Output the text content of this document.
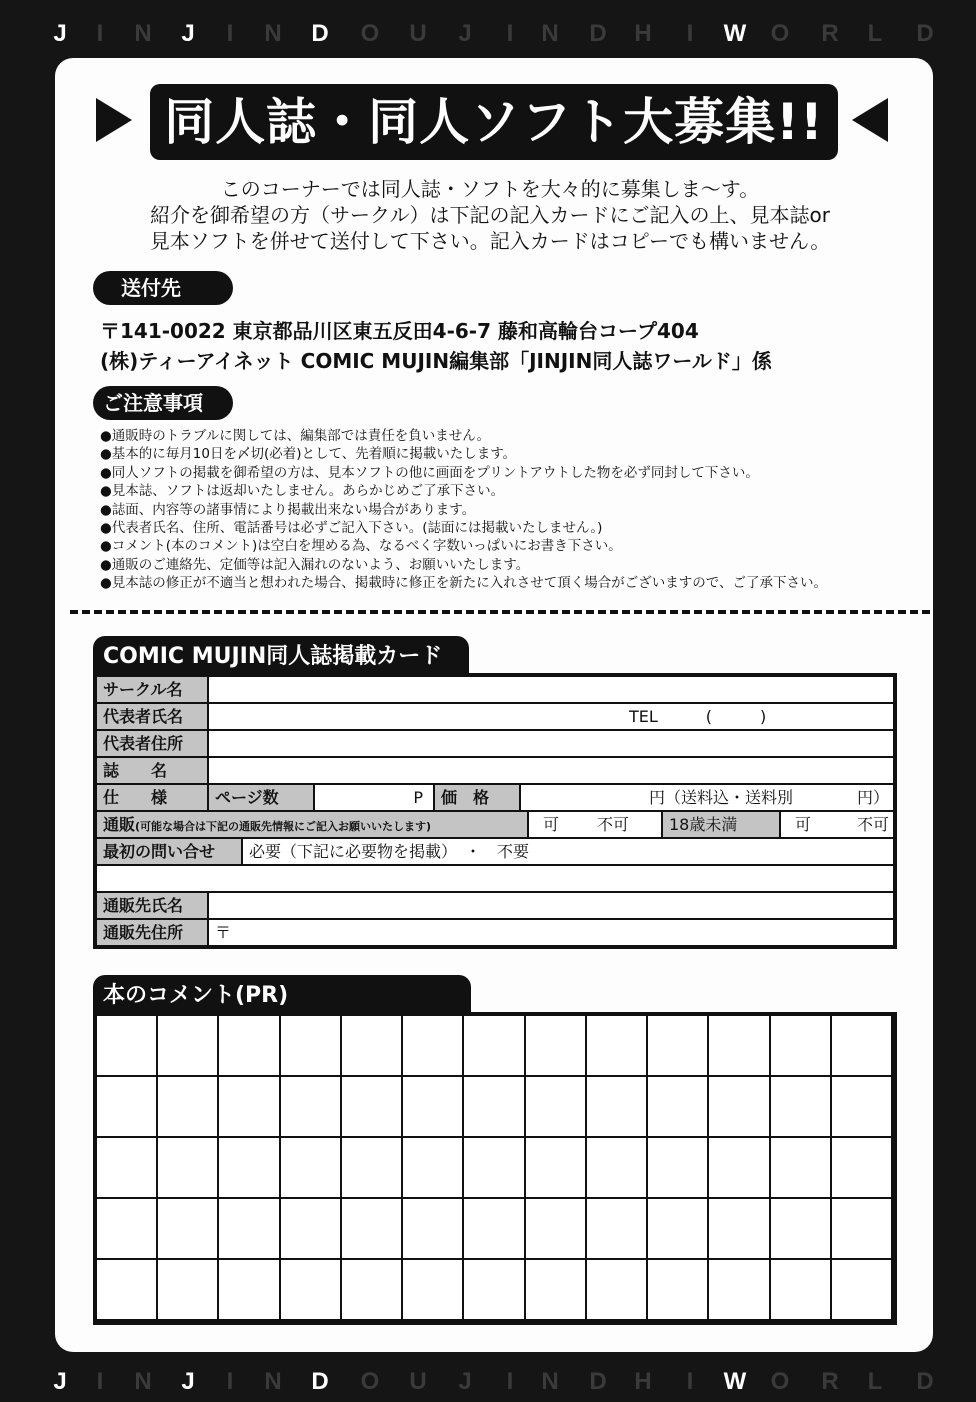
J	I	N	J	I	N D O U	J	I	N D H	I	W O R	L	D
J	I	N	J	I	N D O U	J	I	N D H	I	W O R	L	D
同人誌・同人ソフト大募集!!
このコーナーでは同人誌・ソフトを大々的に募集しま～す。
紹介を御希望の方（サークル）は下記の記入カードにご記入の上、見本誌or
見本ソフトを併せて送付して下さい。記入カードはコピーでも構いません。
送付先
〒141-0022 東京都品川区東五反田4-6-7 藤和高輪台コープ404
(株)ティーアイネット COMIC MUJIN編集部「JINJIN同人誌ワールド」係
ご注意事項
●通販時のトラブルに関しては、編集部では責任を負いません。
●基本的に毎月10日を〆切(必着)として、先着順に掲載いたします。
●同人ソフトの掲載を御希望の方は、見本ソフトの他に画面をプリントアウトした物を必ず同封して下さい。
●見本誌、ソフトは返却いたしません。あらかじめご了承下さい。
●誌面、内容等の諸事情により掲載出来ない場合があります。
●代表者氏名、住所、電話番号は必ずご記入下さい。(誌面には掲載いたしません。)
●コメント(本のコメント)は空白を埋める為、なるべく字数いっぱいにお書き下さい。
●通販のご連絡先、定価等は記入漏れのないよう、お願いいたします。
●見本誌の修正が不適当と想われた場合、掲載時に修正を新たに入れさせて頂く場合がございますので、ご了承下さい。
COMIC MUJIN同人誌掲載カード
サークル名
代表者氏名	TEL　　　(　　　)
代表者住所
誌　　名
仕　　様	ページ数	P	価　格	円（送料込・送料別　　　　円）
通販(可能な場合は下記の通販先情報にご記入お願いいたします)	可 不可	18歳未満	可	不可
最初の問い合せ	必要（下記に必要物を掲載）　・　不要
通販先氏名
通販先住所	〒
本のコメント(PR)
